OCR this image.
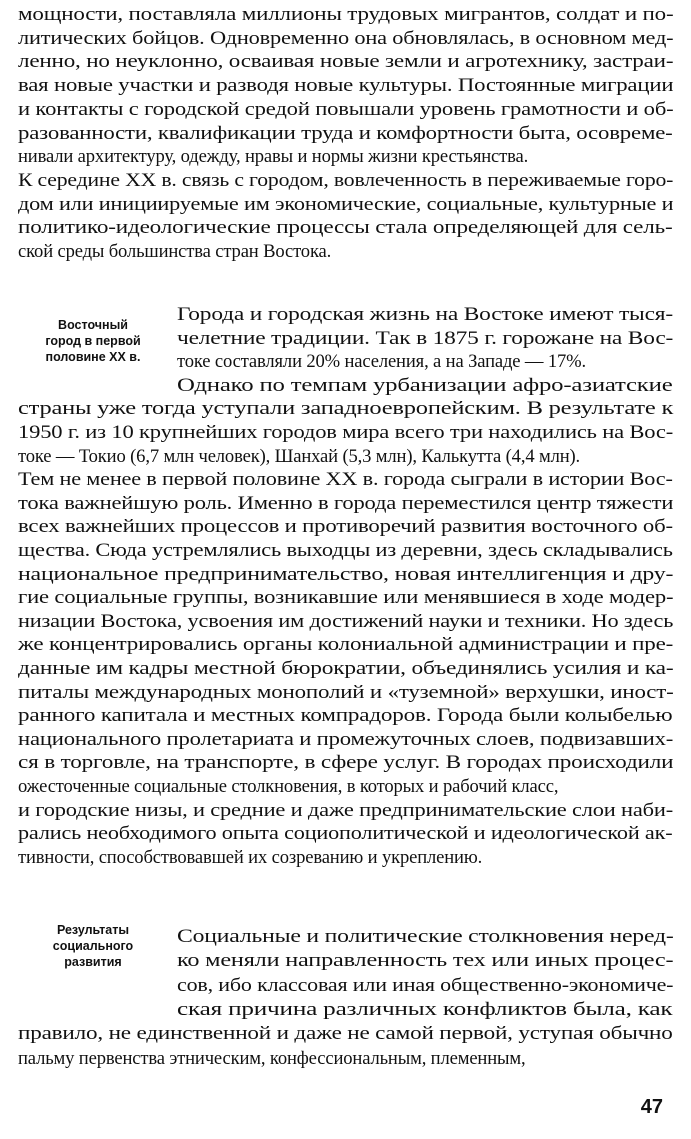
мощности, поставляла миллионы трудовых мигрантов, солдат и по-
литических бойцов. Одновременно она обновлялась, в основном мед-
ленно, но неуклонно, осваивая новые земли и агротехнику, застраи-
вая новые участки и разводя новые культуры. Постоянные миграции
и контакты с городской средой повышали уровень грамотности и об-
разованности, квалификации труда и комфортности быта, осовреме-
нивали архитектуру, одежду, нравы и нормы жизни крестьянства.
К середине XX в. связь с городом, вовлеченность в переживаемые горо-
дом или инициируемые им экономические, социальные, культурные и
политико-идеологические процессы стала определяющей для сель-
ской среды большинства стран Востока.
Восточный
город в первой
половине XX в.
Города и городская жизнь на Востоке имеют тыся-
челетние традиции. Так в 1875 г. горожане на Вос-
токе составляли 20% населения, а на Западе — 17%.
Однако по темпам урбанизации афро-азиатские
страны уже тогда уступали западноевропейским. В результате к
1950 г. из 10 крупнейших городов мира всего три находились на Вос-
токе — Токио (6,7 млн человек), Шанхай (5,3 млн), Калькутта (4,4 млн).
Тем не менее в первой половине XX в. города сыграли в истории Вос-
тока важнейшую роль. Именно в города переместился центр тяжести
всех важнейших процессов и противоречий развития восточного об-
щества. Сюда устремлялись выходцы из деревни, здесь складывались
национальное предпринимательство, новая интеллигенция и дру-
гие социальные группы, возникавшие или менявшиеся в ходе модер-
низации Востока, усвоения им достижений науки и техники. Но здесь
же концентрировались органы колониальной администрации и пре-
данные им кадры местной бюрократии, объединялись усилия и ка-
питалы международных монополий и «туземной» верхушки, иност-
ранного капитала и местных компрадоров. Города были колыбелью
национального пролетариата и промежуточных слоев, подвизавших-
ся в торговле, на транспорте, в сфере услуг. В городах происходили
ожесточенные социальные столкновения, в которых и рабочий класс,
и городские низы, и средние и даже предпринимательские слои наби-
рались необходимого опыта социополитической и идеологической ак-
тивности, способствовавшей их созреванию и укреплению.
Результаты
социального
развития
Социальные и политические столкновения неред-
ко меняли направленность тех или иных процес-
сов, ибо классовая или иная общественно-экономиче-
ская причина различных конфликтов была, как
правило, не единственной и даже не самой первой, уступая обычно
пальму первенства этническим, конфессиональным, племенным,
47
